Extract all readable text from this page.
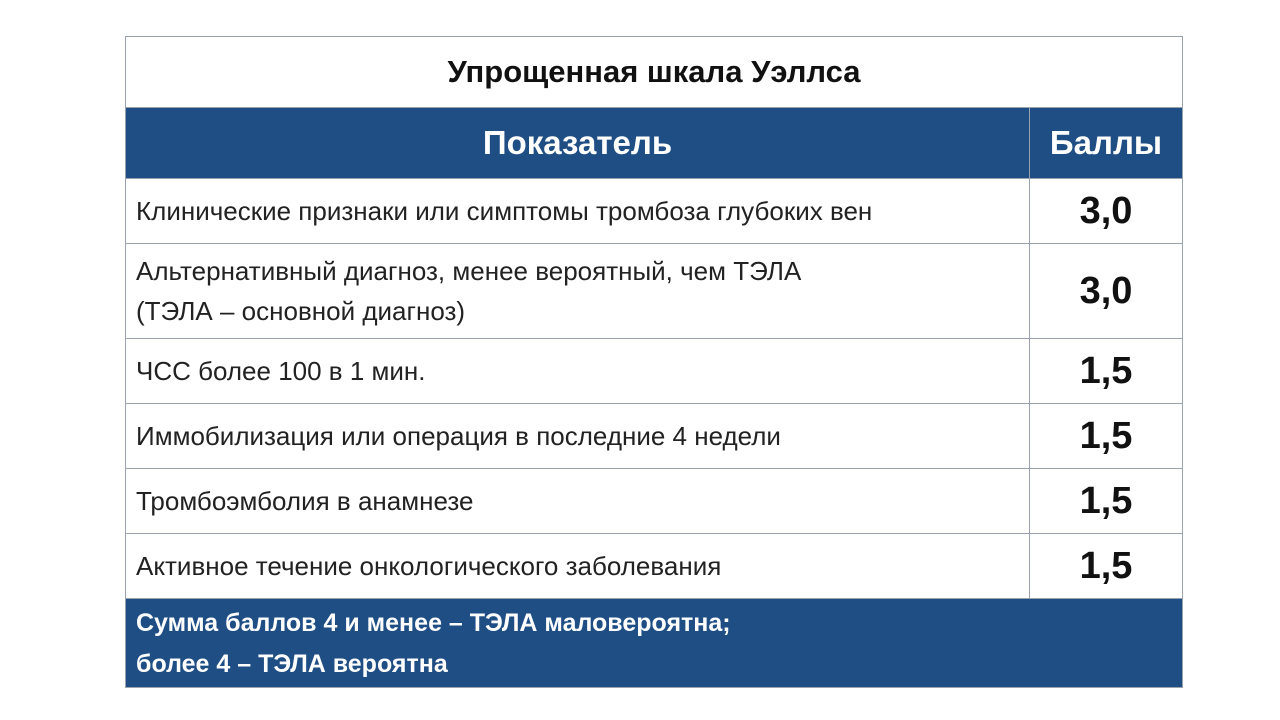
Упрощенная шкала Уэллса
Показатель	Баллы
Клинические признаки или симптомы тромбоза глубоких вен	3,0
Альтернативный диагноз, менее вероятный, чем ТЭЛА
(ТЭЛА – основной диагноз)	3,0
ЧСС более 100 в 1 мин.	1,5
Иммобилизация или операция в последние 4 недели	1,5
Тромбоэмболия в анамнезе	1,5
Активное течение онкологического заболевания	1,5
Сумма баллов 4 и менее – ТЭЛА маловероятна;
более 4 – ТЭЛА вероятна
